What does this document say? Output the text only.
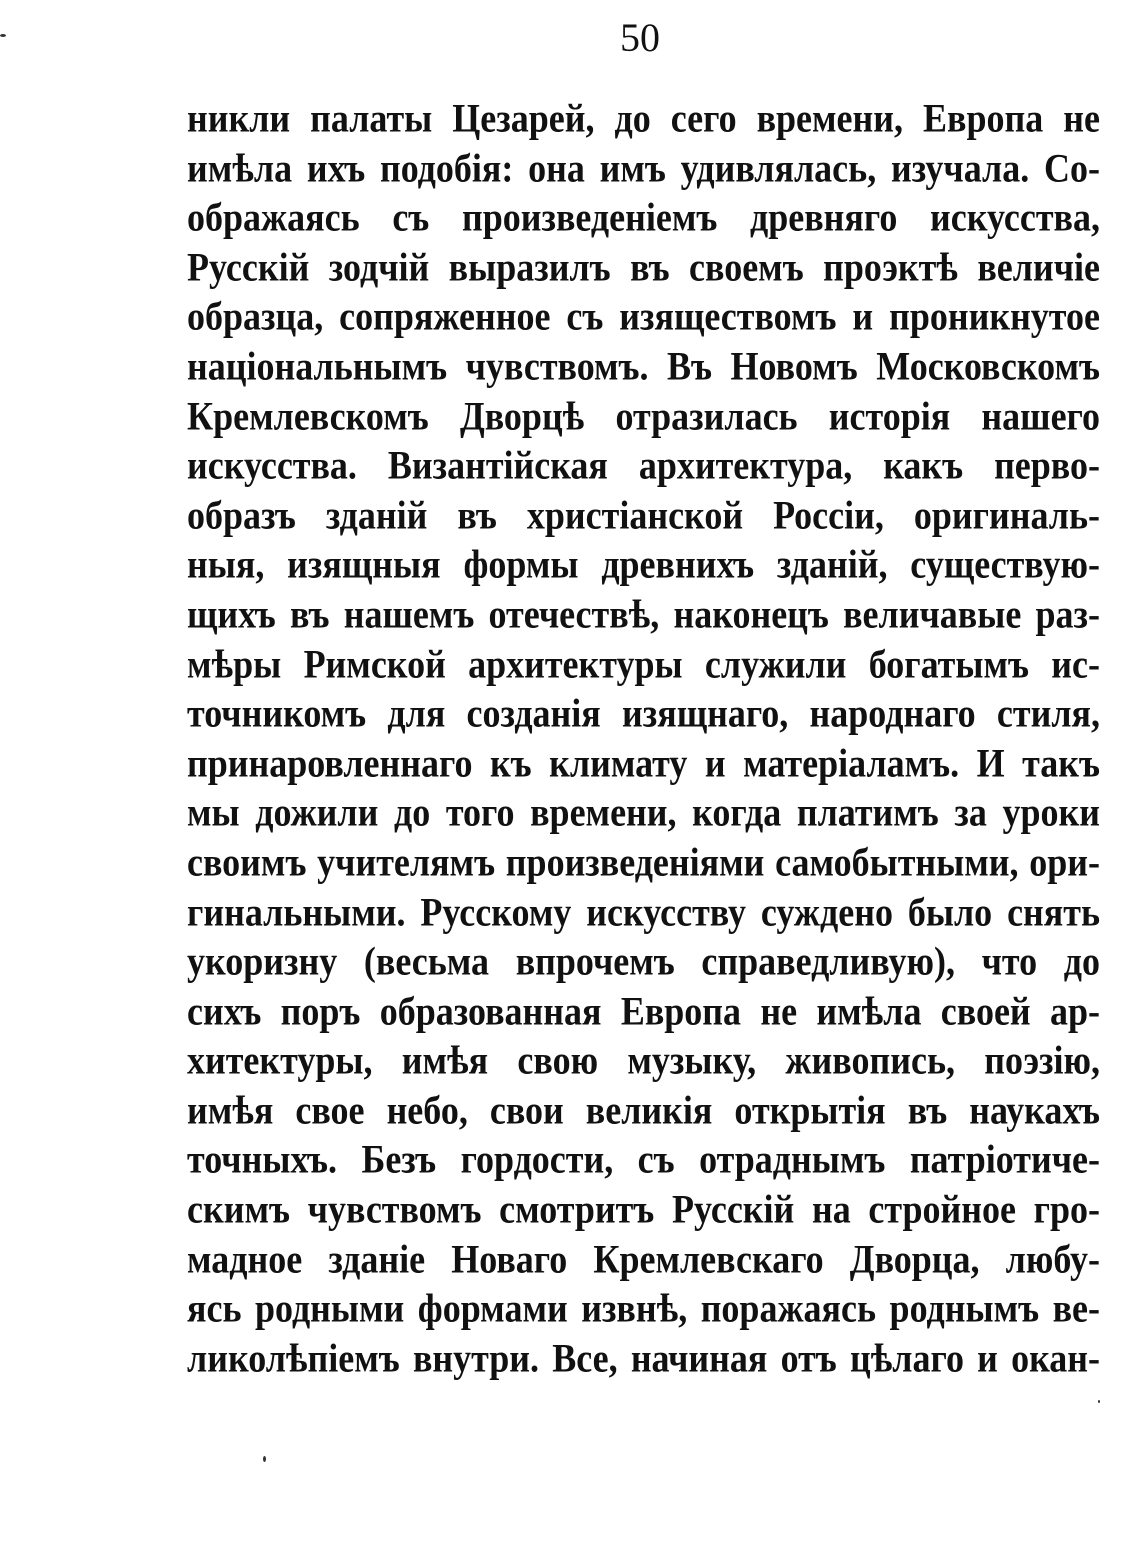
50
никли палаты Цезарей, до сего времени, Европа не
имѣла ихъ подобія: она имъ удивлялась, изучала. Со-
ображаясь съ произведеніемъ древняго искусства,
Русскій зодчій выразилъ въ своемъ проэктѣ величіе
образца, сопряженное съ изяществомъ и проникнутое
національнымъ чувствомъ. Въ Новомъ Московскомъ
Кремлевскомъ Дворцѣ отразилась исторія нашего
искусства. Византійская архитектура, какъ перво-
образъ зданій въ христіанской Россіи, оригиналь-
ныя, изящныя формы древнихъ зданій, существую-
щихъ въ нашемъ отечествѣ, наконецъ величавые раз-
мѣры Римской архитектуры служили богатымъ ис-
точникомъ для созданія изящнаго, народнаго стиля,
принаровленнаго къ климату и матеріаламъ. И такъ
мы дожили до того времени, когда платимъ за уроки
своимъ учителямъ произведеніями самобытными, ори-
гинальными. Русскому искусству суждено было снять
укоризну (весьма впрочемъ справедливую), что до
сихъ поръ образованная Европа не имѣла своей ар-
хитектуры, имѣя свою музыку, живопись, поэзію,
имѣя свое небо, свои великія открытія въ наукахъ
точныхъ. Безъ гордости, съ отраднымъ патріотиче-
скимъ чувствомъ смотритъ Русскій на стройное гро-
мадное зданіе Новаго Кремлевскаго Дворца, любу-
ясь родными формами извнѣ, поражаясь роднымъ ве-
ликолѣпіемъ внутри. Все, начиная отъ цѣлаго и окан-
